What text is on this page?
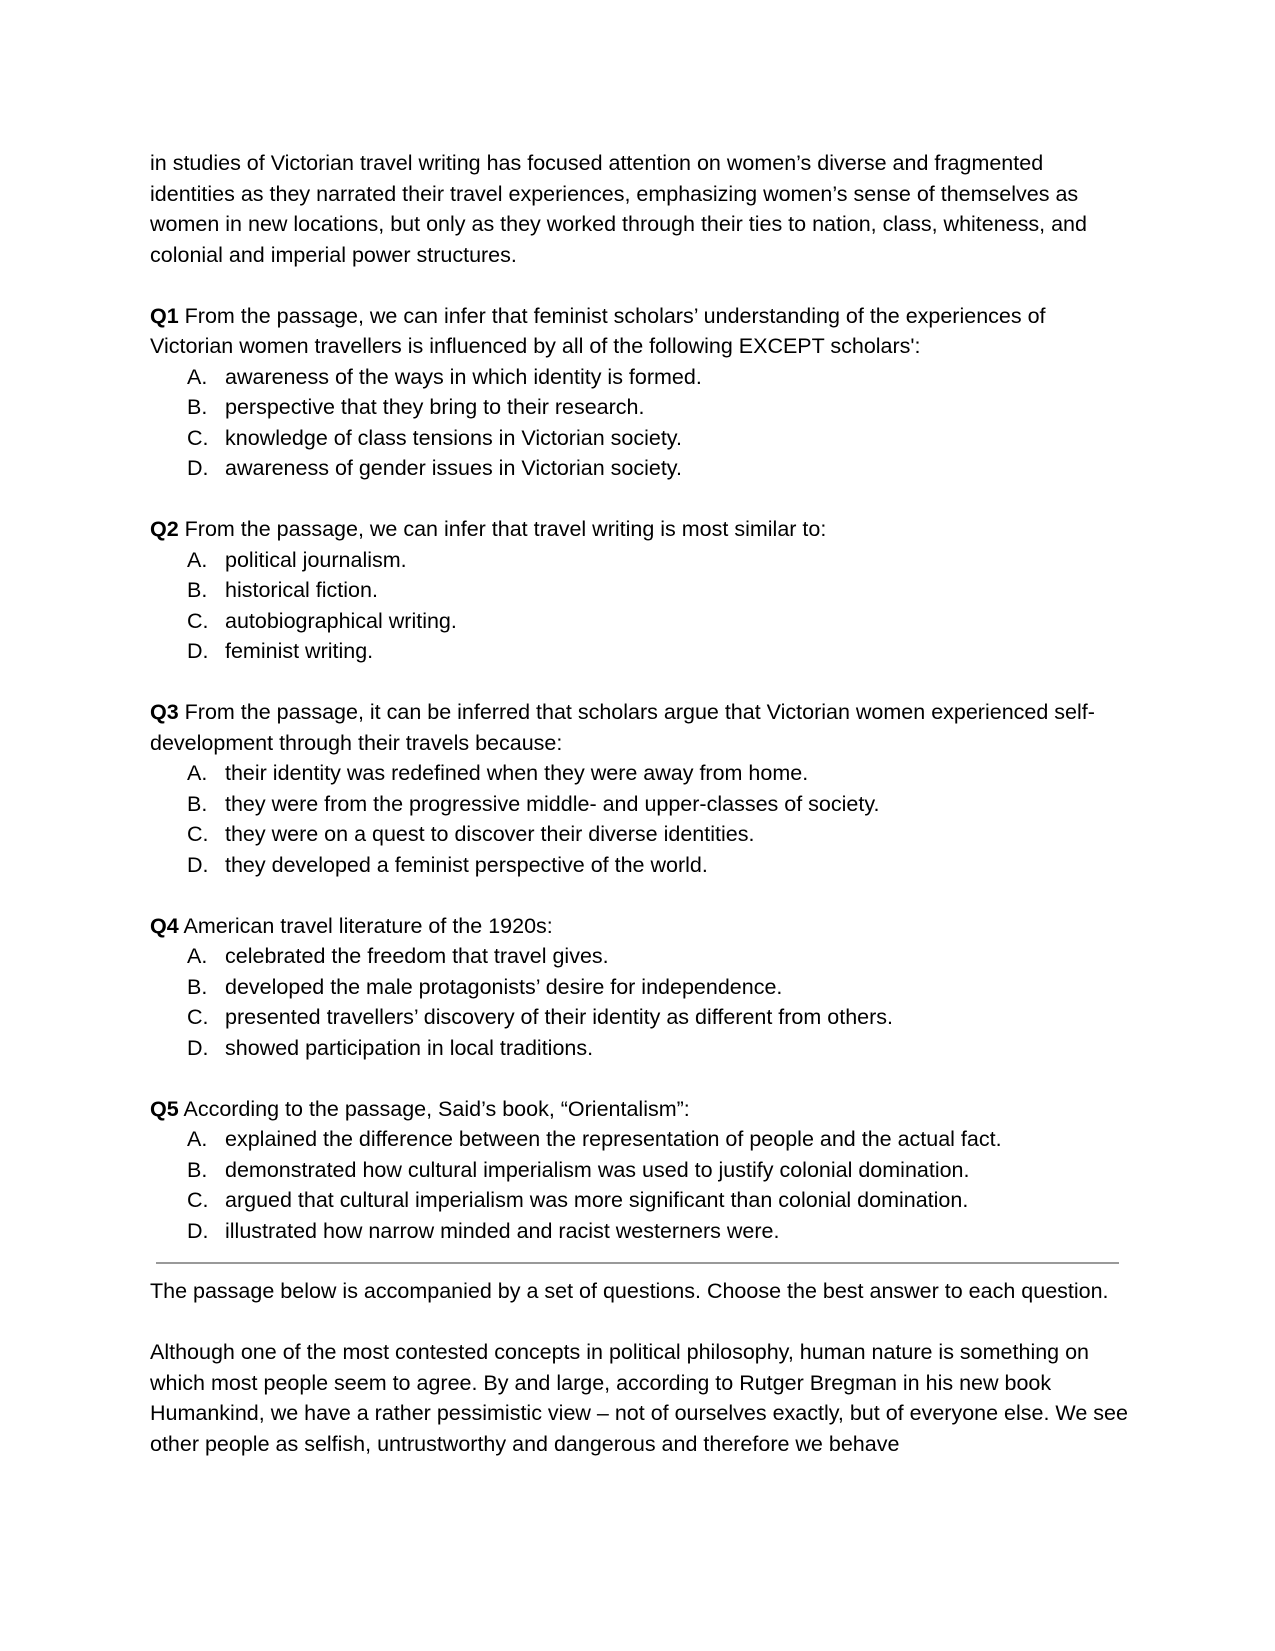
in studies of Victorian travel writing has focused attention on women’s diverse and fragmented identities as they narrated their travel experiences, emphasizing women’s sense of themselves as women in new locations, but only as they worked through their ties to nation, class, whiteness, and colonial and imperial power structures.

Q1 From the passage, we can infer that feminist scholars’ understanding of the experiences of Victorian women travellers is influenced by all of the following EXCEPT scholars':

A. awareness of the ways in which identity is formed.
B. perspective that they bring to their research.
C. knowledge of class tensions in Victorian society.
D. awareness of gender issues in Victorian society.

Q2 From the passage, we can infer that travel writing is most similar to:

A. political journalism.
B. historical fiction.
C. autobiographical writing.
D. feminist writing.

Q3 From the passage, it can be inferred that scholars argue that Victorian women experienced self-development through their travels because:

A. their identity was redefined when they were away from home.
B. they were from the progressive middle- and upper-classes of society.
C. they were on a quest to discover their diverse identities.
D. they developed a feminist perspective of the world.

Q4 American travel literature of the 1920s:

A. celebrated the freedom that travel gives.
B. developed the male protagonists’ desire for independence.
C. presented travellers’ discovery of their identity as different from others.
D. showed participation in local traditions.

Q5 According to the passage, Said’s book, “Orientalism”:

A. explained the difference between the representation of people and the actual fact.
B. demonstrated how cultural imperialism was used to justify colonial domination.
C. argued that cultural imperialism was more significant than colonial domination.
D. illustrated how narrow minded and racist westerners were.

The passage below is accompanied by a set of questions. Choose the best answer to each question.

Although one of the most contested concepts in political philosophy, human nature is something on which most people seem to agree. By and large, according to Rutger Bregman in his new book Humankind, we have a rather pessimistic view – not of ourselves exactly, but of everyone else. We see other people as selfish, untrustworthy and dangerous and therefore we behave
